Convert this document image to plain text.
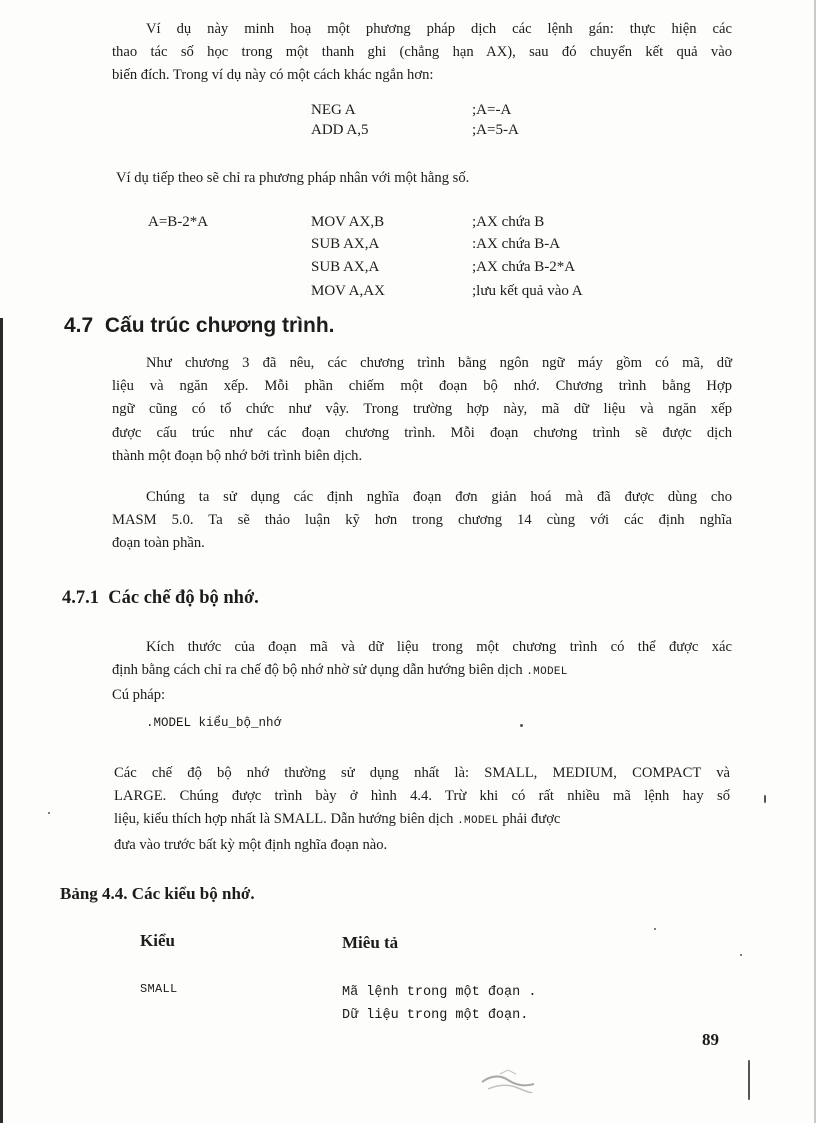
Ví dụ này minh hoạ một phương pháp dịch các lệnh gán: thực hiện các
thao tác số học trong một thanh ghi (chẳng hạn AX), sau đó chuyển kết quả vào
biến đích. Trong ví dụ này có một cách khác ngắn hơn:
NEG A	;A=-A
ADD A,5	;A=5-A
Ví dụ tiếp theo sẽ chỉ ra phương pháp nhân với một hằng số.
A=B-2*A	MOV AX,B	;AX chứa B
SUB AX,A	:AX chứa B-A
SUB AX,A	;AX chứa B-2*A
MOV A,AX	;lưu kết quả vào A
4.7 Cấu trúc chương trình.
Như chương 3 đã nêu, các chương trình bằng ngôn ngữ máy gồm có mã, dữ
liệu và ngăn xếp. Mỗi phần chiếm một đoạn bộ nhớ. Chương trình bằng Hợp
ngữ cũng có tổ chức như vậy. Trong trường hợp này, mã dữ liệu và ngăn xếp
được cấu trúc như các đoạn chương trình. Mỗi đoạn chương trình sẽ được dịch
thành một đoạn bộ nhớ bởi trình biên dịch.
Chúng ta sử dụng các định nghĩa đoạn đơn giản hoá mà đã được dùng cho
MASM 5.0. Ta sẽ thảo luận kỹ hơn trong chương 14 cùng với các định nghĩa
đoạn toàn phần.
4.7.1 Các chế độ bộ nhớ.
Kích thước của đoạn mã và dữ liệu trong một chương trình có thể được xác
định bằng cách chỉ ra chế độ bộ nhớ nhờ sử dụng dẫn hướng biên dịch .MODEL
Cú pháp:
.MODEL kiểu_bộ_nhớ
Các chế độ bộ nhớ thường sử dụng nhất là: SMALL, MEDIUM, COMPACT và
LARGE. Chúng được trình bày ở hình 4.4. Trừ khi có rất nhiều mã lệnh hay số
liệu, kiểu thích hợp nhất là SMALL. Dẫn hướng biên dịch .MODEL phải được
đưa vào trước bất kỳ một định nghĩa đoạn nào.
Bảng 4.4. Các kiểu bộ nhớ.
Kiểu	Miêu tả
SMALL	Mã lệnh trong một đoạn .
Dữ liệu trong một đoạn.
89
